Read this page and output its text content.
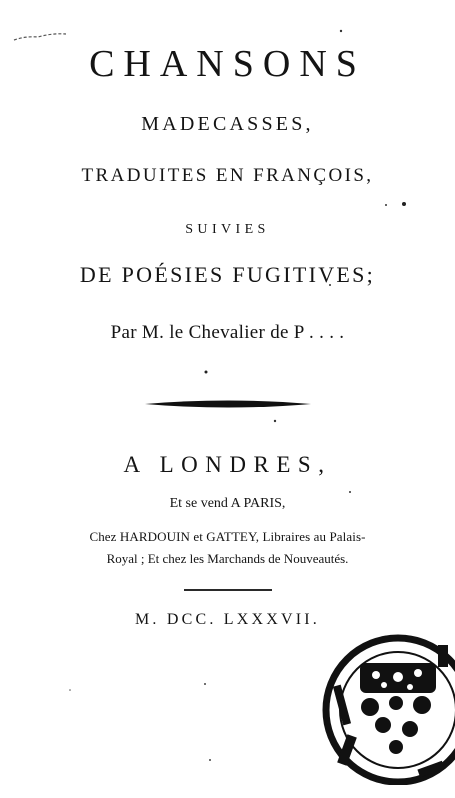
CHANSONS
MADECASSES,
TRADUITES EN FRANÇOIS,
SUIVIES
DE POÉSIES FUGITIVES;
Par M. le Chevalier de P . . . .
A LONDRES,
Et se vend A PARIS,
Chez HARDOUIN et GATTEY, Libraires au Palais-
Royal ; Et chez les Marchands de Nouveautés.
M. DCC. LXXXVII.
